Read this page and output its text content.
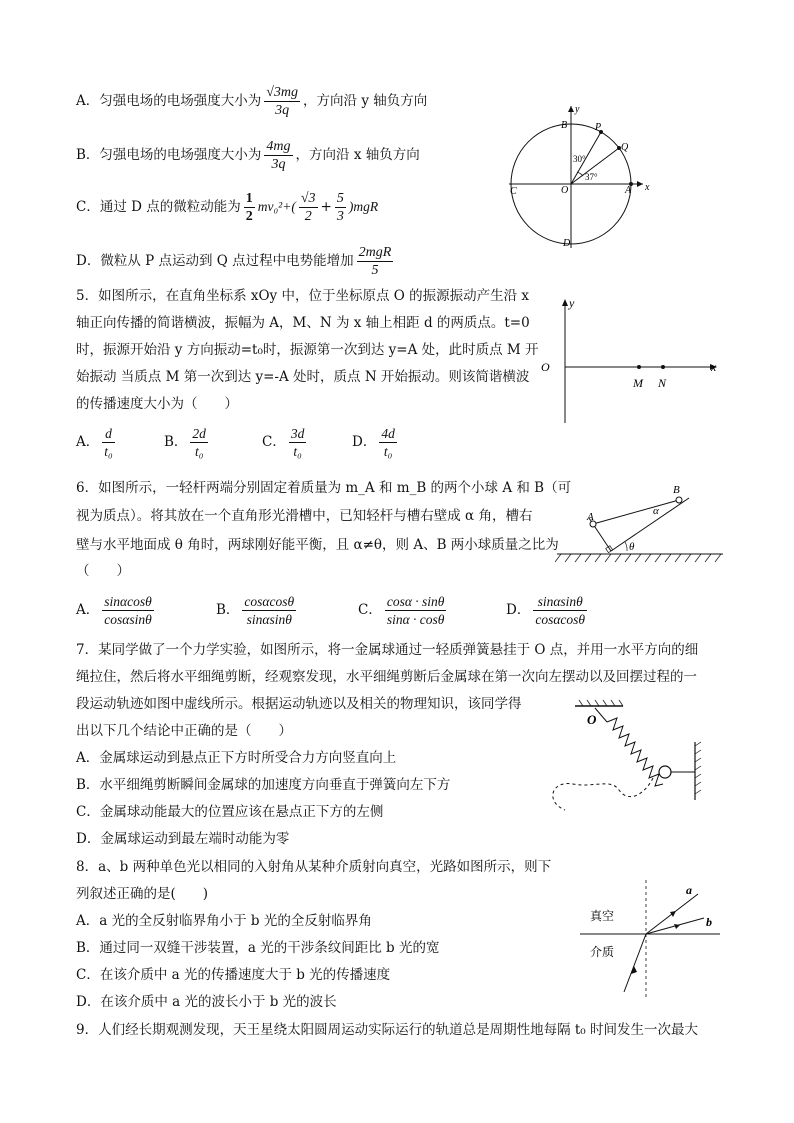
A．匀强电场的电场强度大小为 $\frac{√3mg}{3q}$ ，方向沿 y 轴负方向
B．匀强电场的电场强度大小为 $\frac{4mg}{3q}$ ，方向沿 x 轴负方向
C．通过 D 点的微粒动能为 $\frac{1}{2} mv_0^2+( \frac{√3}{2} + \frac{5}{3} )mgR$
D．微粒从 P 点运动到 Q 点过程中电势能增加 $\frac{\text{2mgR}}{5}$
y
x
B	P
Q
C	O	A
D
30°
37°
5．如图所示，在直角坐标系 xOy 中，位于坐标原点 O 的振源振动产生沿 x
轴正向传播的简谐横波，振幅为 A，M、N 为 x 轴上相距 d 的两质点。t=0
时，振源开始沿 y 方向振动=t₀时，振源第一次到达 y=A 处，此时质点 M 开
始振动 当质点 M 第一次到达 y=-A 处时，质点 N 开始振动。则该简谐横波
的传播速度大小为（　　）
A． $\frac{d}{\text{t₀}}$	B． $\frac{2d}{\text{t₀}}$	C． $\frac{3d}{\text{t₀}}$	D． $\frac{4d}{\text{t₀}}$
y
O
M N
x
6．如图所示，一轻杆两端分别固定着质量为 m_A 和 m_B 的两个小球 A 和 B（可
视为质点）。将其放在一个直角形光滑槽中，已知轻杆与槽右壁成 α 角，槽右
壁与水平地面成 θ 角时，两球刚好能平衡，且 α≠θ，则 A、B 两小球质量之比为
（　　）
A． $\frac{\sin\alpha\cos\theta}{\cos\alpha\sin\theta}$	B． $\frac{\cos\alpha\cos\theta}{\sin\alpha\sin\theta}$	C． $\frac{\cos\alpha \cdot \sin\theta}{\sin\alpha \cdot \cos\theta}$	D． $\frac{\sin\alpha\sin\theta}{\cos\alpha\cos\theta}$
A
B
α
θ
7．某同学做了一个力学实验，如图所示，将一金属球通过一轻质弹簧悬挂于 O 点，并用一水平方向的细
绳拉住，然后将水平细绳剪断，经观察发现，水平细绳剪断后金属球在第一次向左摆动以及回摆过程的一
段运动轨迹如图中虚线所示。根据运动轨迹以及相关的物理知识，该同学得
出以下几个结论中正确的是（　　）
A．金属球运动到悬点正下方时所受合力方向竖直向上
B．水平细绳剪断瞬间金属球的加速度方向垂直于弹簧向左下方
C．金属球动能最大的位置应该在悬点正下方的左侧
D．金属球运动到最左端时动能为零
O
8．a、b 两种单色光以相同的入射角从某种介质射向真空，光路如图所示，则下
列叙述正确的是(　　)
A．a 光的全反射临界角小于 b 光的全反射临界角
B．通过同一双缝干涉装置，a 光的干涉条纹间距比 b 光的宽
C．在该介质中 a 光的传播速度大于 b 光的传播速度
D．在该介质中 a 光的波长小于 b 光的波长
真空
介质
a
b
9．人们经长期观测发现，天王星绕太阳圆周运动实际运行的轨道总是周期性地每隔 t₀ 时间发生一次最大
